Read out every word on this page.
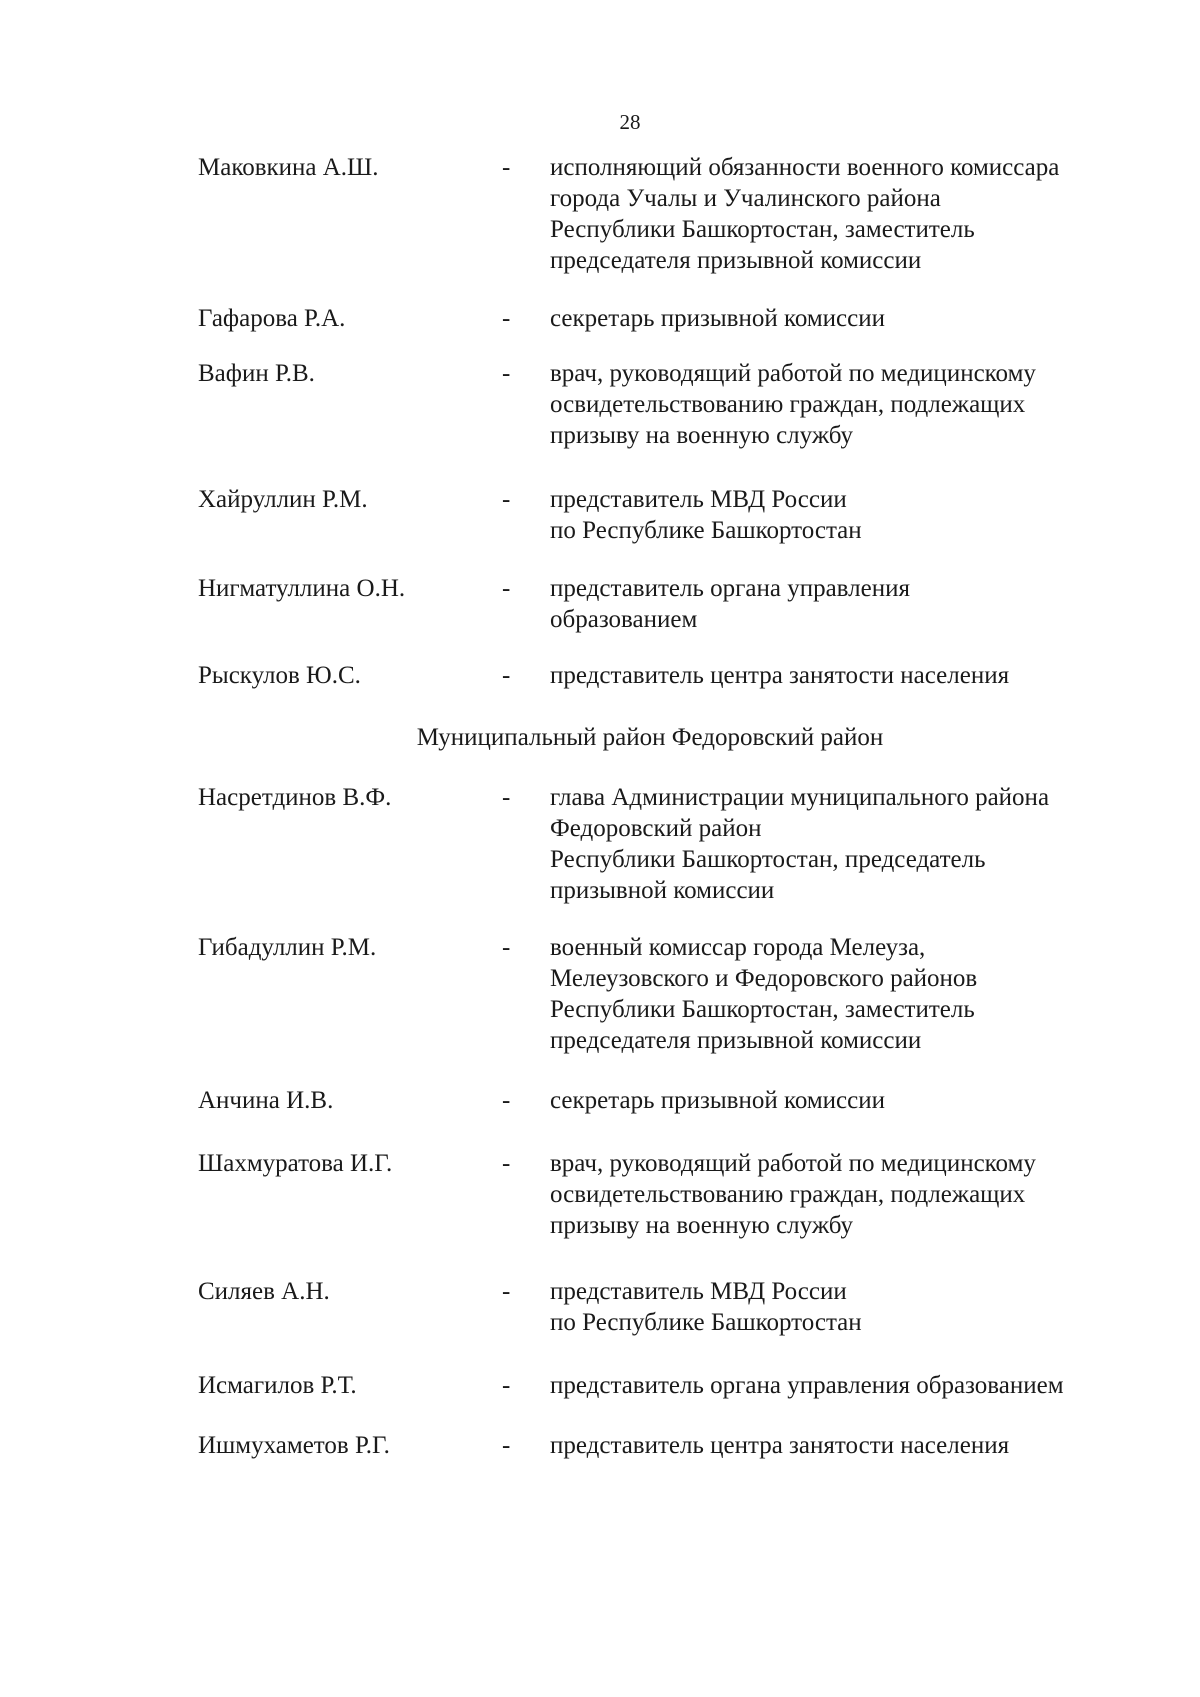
28
Маковкина А.Ш.	- исполняющий обязанности военного комиссара
города Учалы и Учалинского района
Республики Башкортостан, заместитель
председателя призывной комиссии
Гафарова Р.А.	- секретарь призывной комиссии
Вафин Р.В.	- врач, руководящий работой по медицинскому
освидетельствованию граждан, подлежащих
призыву на военную службу
Хайруллин Р.М.	- представитель МВД России
по Республике Башкортостан
Нигматуллина О.Н.	- представитель органа управления
образованием
Рыскулов Ю.С.	- представитель центра занятости населения
Муниципальный район Федоровский район
Насретдинов В.Ф.	- глава Администрации муниципального района
Федоровский район
Республики Башкортостан, председатель
призывной комиссии
Гибадуллин Р.М.	- военный комиссар города Мелеуза,
Мелеузовского и Федоровского районов
Республики Башкортостан, заместитель
председателя призывной комиссии
Анчина И.В.	- секретарь призывной комиссии
Шахмуратова И.Г.	- врач, руководящий работой по медицинскому
освидетельствованию граждан, подлежащих
призыву на военную службу
Силяев А.Н.	- представитель МВД России
по Республике Башкортостан
Исмагилов Р.Т.	- представитель органа управления образованием
Ишмухаметов Р.Г.	- представитель центра занятости населения
